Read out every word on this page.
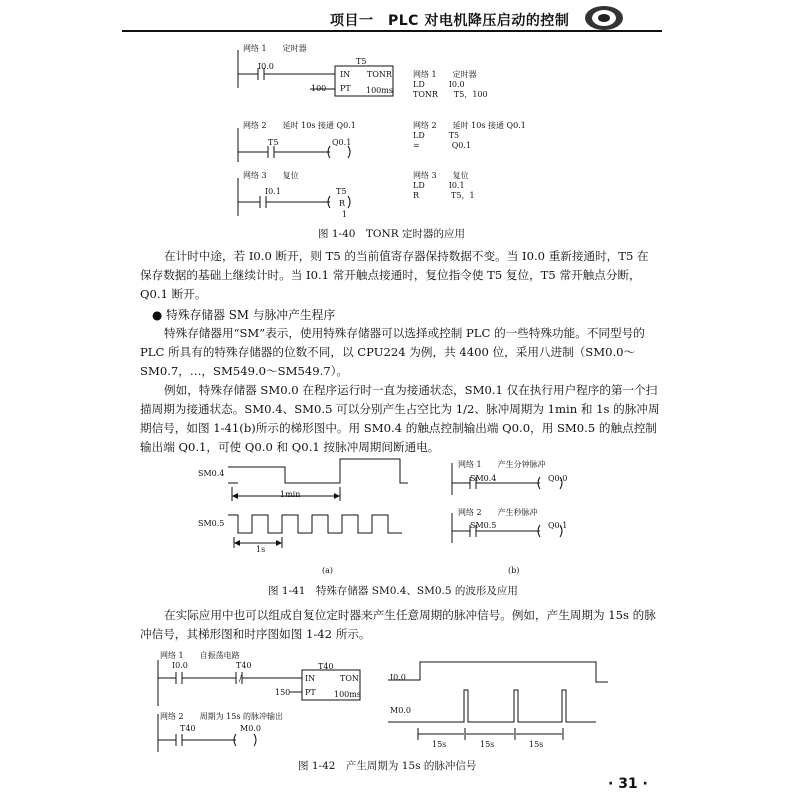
项目一　PLC 对电机降压启动的控制
网络 1　　定时器
I0.0
T5
IN TONR
PT 100ms
100
网络 2　　延时 10s 接通 Q0.1
T5	Q0.1
网络 3　　复位
I0.1	T5
R
1
网络 1　　定时器
LD　　　I0.0
TONR　　T5，100
网络 2　　延时 10s 接通 Q0.1
LD　　　T5
=　　　　Q0.1
网络 3　　复位
LD　　　I0.1
R　　　　T5，1
图 1-40　TONR 定时器的应用
在计时中途，若 I0.0 断开，则 T5 的当前值寄存器保持数据不变。当 I0.0 重新接通时，T5 在保存数据的基础上继续计时。当 I0.1 常开触点接通时，复位指令使 T5 复位，T5 常开触点分断，Q0.1 断开。
● 特殊存储器 SM 与脉冲产生程序
特殊存储器用“SM”表示，使用特殊存储器可以选择或控制 PLC 的一些特殊功能。不同型号的 PLC 所具有的特殊存储器的位数不同，以 CPU224 为例，共 4400 位，采用八进制（SM0.0～SM0.7，…，SM549.0～SM549.7）。
例如，特殊存储器 SM0.0 在程序运行时一直为接通状态，SM0.1 仅在执行用户程序的第一个扫描周期为接通状态。SM0.4、SM0.5 可以分别产生占空比为 1/2、脉冲周期为 1min 和 1s 的脉冲周期信号，如图 1-41(b)所示的梯形图中。用 SM0.4 的触点控制输出端 Q0.0，用 SM0.5 的触点控制输出端 Q0.1，可使 Q0.0 和 Q0.1 按脉冲周期间断通电。
SM0.4
1min
SM0.5
1s
(a)
网络 1　　产生分钟脉冲
SM0.4	Q0.0
网络 2　　产生秒脉冲
SM0.5	Q0.1
(b)
图 1-41　特殊存储器 SM0.4、SM0.5 的波形及应用
在实际应用中也可以组成自复位定时器来产生任意周期的脉冲信号。例如，产生周期为 15s 的脉冲信号，其梯形图和时序图如图 1-42 所示。
网络 1　　自振荡电路
I0.0	T40
/
T40
IN	TON
PT 100ms
150
网络 2　　周期为 15s 的脉冲输出
T40	M0.0
I0.0
M0.0
15s	15s	15s
图 1-42　产生周期为 15s 的脉冲信号
· 31 ·
